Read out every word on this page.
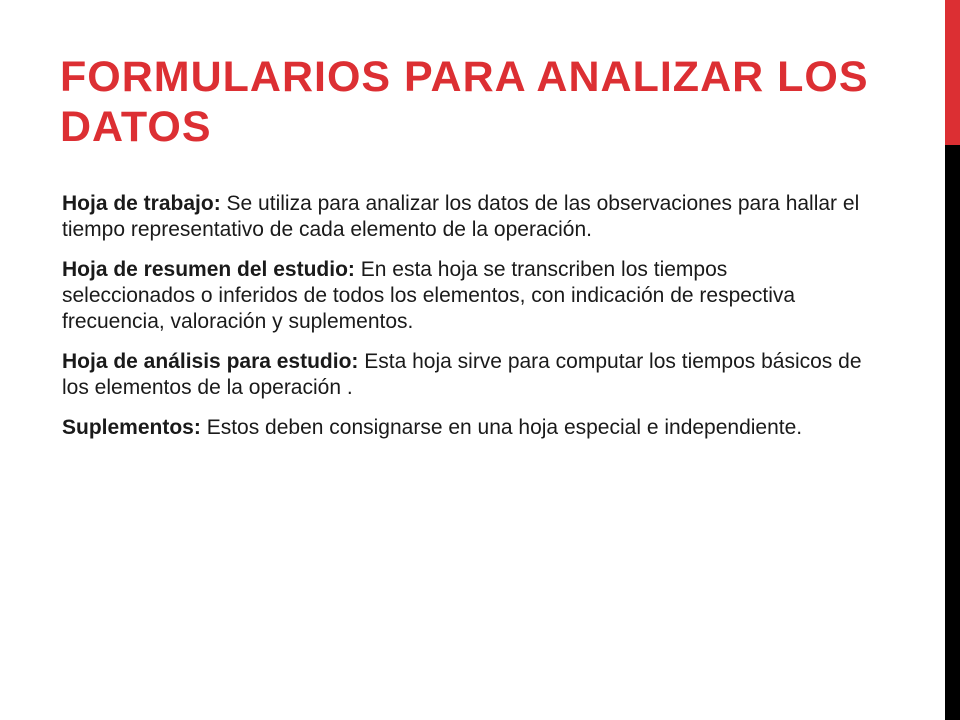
FORMULARIOS PARA ANALIZAR LOS DATOS

Hoja de trabajo: Se utiliza para analizar los datos de las observaciones para hallar el tiempo representativo de cada elemento de la operación.

Hoja de resumen del estudio: En esta hoja se transcriben los tiempos seleccionados o inferidos de todos los elementos, con indicación de respectiva frecuencia, valoración y suplementos.

Hoja de análisis para estudio: Esta hoja sirve para computar los tiempos básicos de los elementos de la operación .

Suplementos: Estos deben consignarse en una hoja especial e independiente.
